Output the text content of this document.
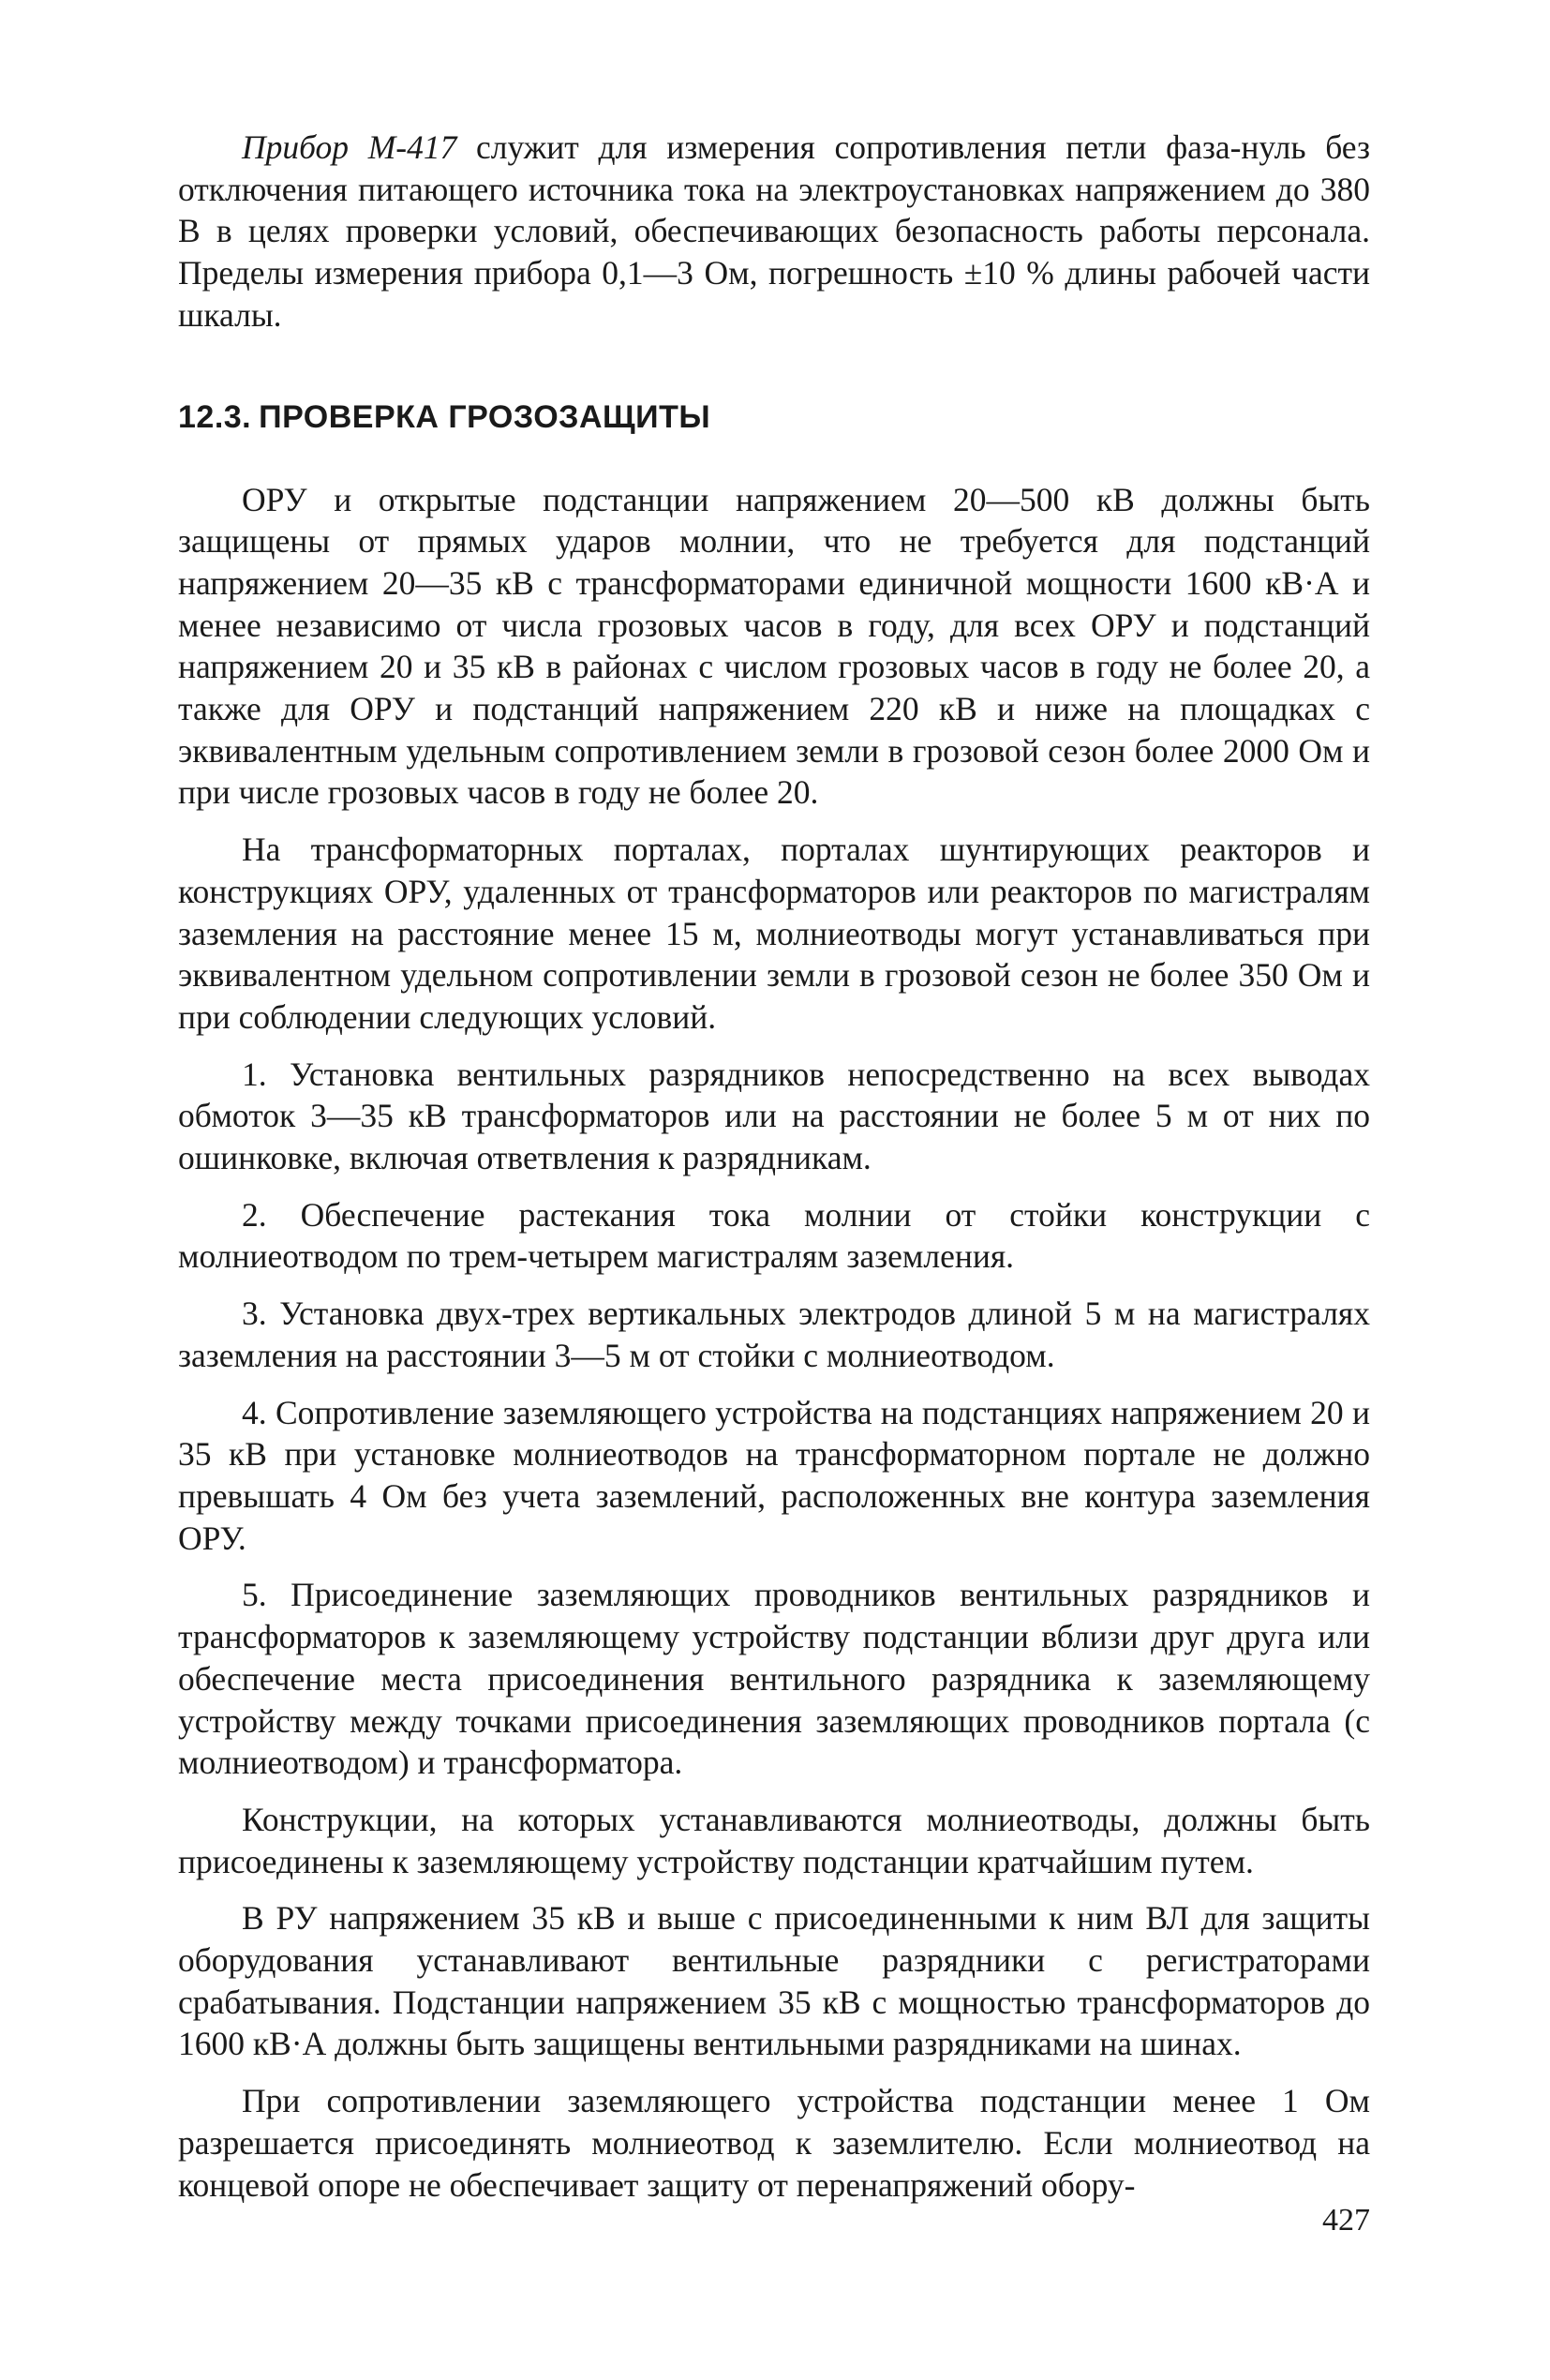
Прибор М-417 служит для измерения сопротивления петли фаза-нуль без отключения питающего источника тока на электроустановках напряжением до 380 В в целях проверки условий, обеспечивающих безопасность работы персонала. Пределы измерения прибора 0,1—3 Ом, погрешность ±10 % длины рабочей части шкалы.

12.3. ПРОВЕРКА ГРОЗОЗАЩИТЫ

ОРУ и открытые подстанции напряжением 20—500 кВ должны быть защищены от прямых ударов молнии, что не требуется для подстанций напряжением 20—35 кВ с трансформаторами единичной мощности 1600 кВ·А и менее независимо от числа грозовых часов в году, для всех ОРУ и подстанций напряжением 20 и 35 кВ в районах с числом грозовых часов в году не более 20, а также для ОРУ и подстанций напряжением 220 кВ и ниже на площадках с эквивалентным удельным сопротивлением земли в грозовой сезон более 2000 Ом и при числе грозовых часов в году не более 20.

На трансформаторных порталах, порталах шунтирующих реакторов и конструкциях ОРУ, удаленных от трансформаторов или реакторов по магистралям заземления на расстояние менее 15 м, молниеотводы могут устанавливаться при эквивалентном удельном сопротивлении земли в грозовой сезон не более 350 Ом и при соблюдении следующих условий.

1. Установка вентильных разрядников непосредственно на всех выводах обмоток 3—35 кВ трансформаторов или на расстоянии не более 5 м от них по ошинковке, включая ответвления к разрядникам.

2. Обеспечение растекания тока молнии от стойки конструкции с молниеотводом по трем-четырем магистралям заземления.

3. Установка двух-трех вертикальных электродов длиной 5 м на магистралях заземления на расстоянии 3—5 м от стойки с молниеотводом.

4. Сопротивление заземляющего устройства на подстанциях напряжением 20 и 35 кВ при установке молниеотводов на трансформаторном портале не должно превышать 4 Ом без учета заземлений, расположенных вне контура заземления ОРУ.

5. Присоединение заземляющих проводников вентильных разрядников и трансформаторов к заземляющему устройству подстанции вблизи друг друга или обеспечение места присоединения вентильного разрядника к заземляющему устройству между точками присоединения заземляющих проводников портала (с молниеотводом) и трансформатора.

Конструкции, на которых устанавливаются молниеотводы, должны быть присоединены к заземляющему устройству подстанции кратчайшим путем.

В РУ напряжением 35 кВ и выше с присоединенными к ним ВЛ для защиты оборудования устанавливают вентильные разрядники с регистраторами срабатывания. Подстанции напряжением 35 кВ с мощностью трансформаторов до 1600 кВ·А должны быть защищены вентильными разрядниками на шинах.

При сопротивлении заземляющего устройства подстанции менее 1 Ом разрешается присоединять молниеотвод к заземлителю. Если молниеотвод на концевой опоре не обеспечивает защиту от перенапряжений обору-

427
